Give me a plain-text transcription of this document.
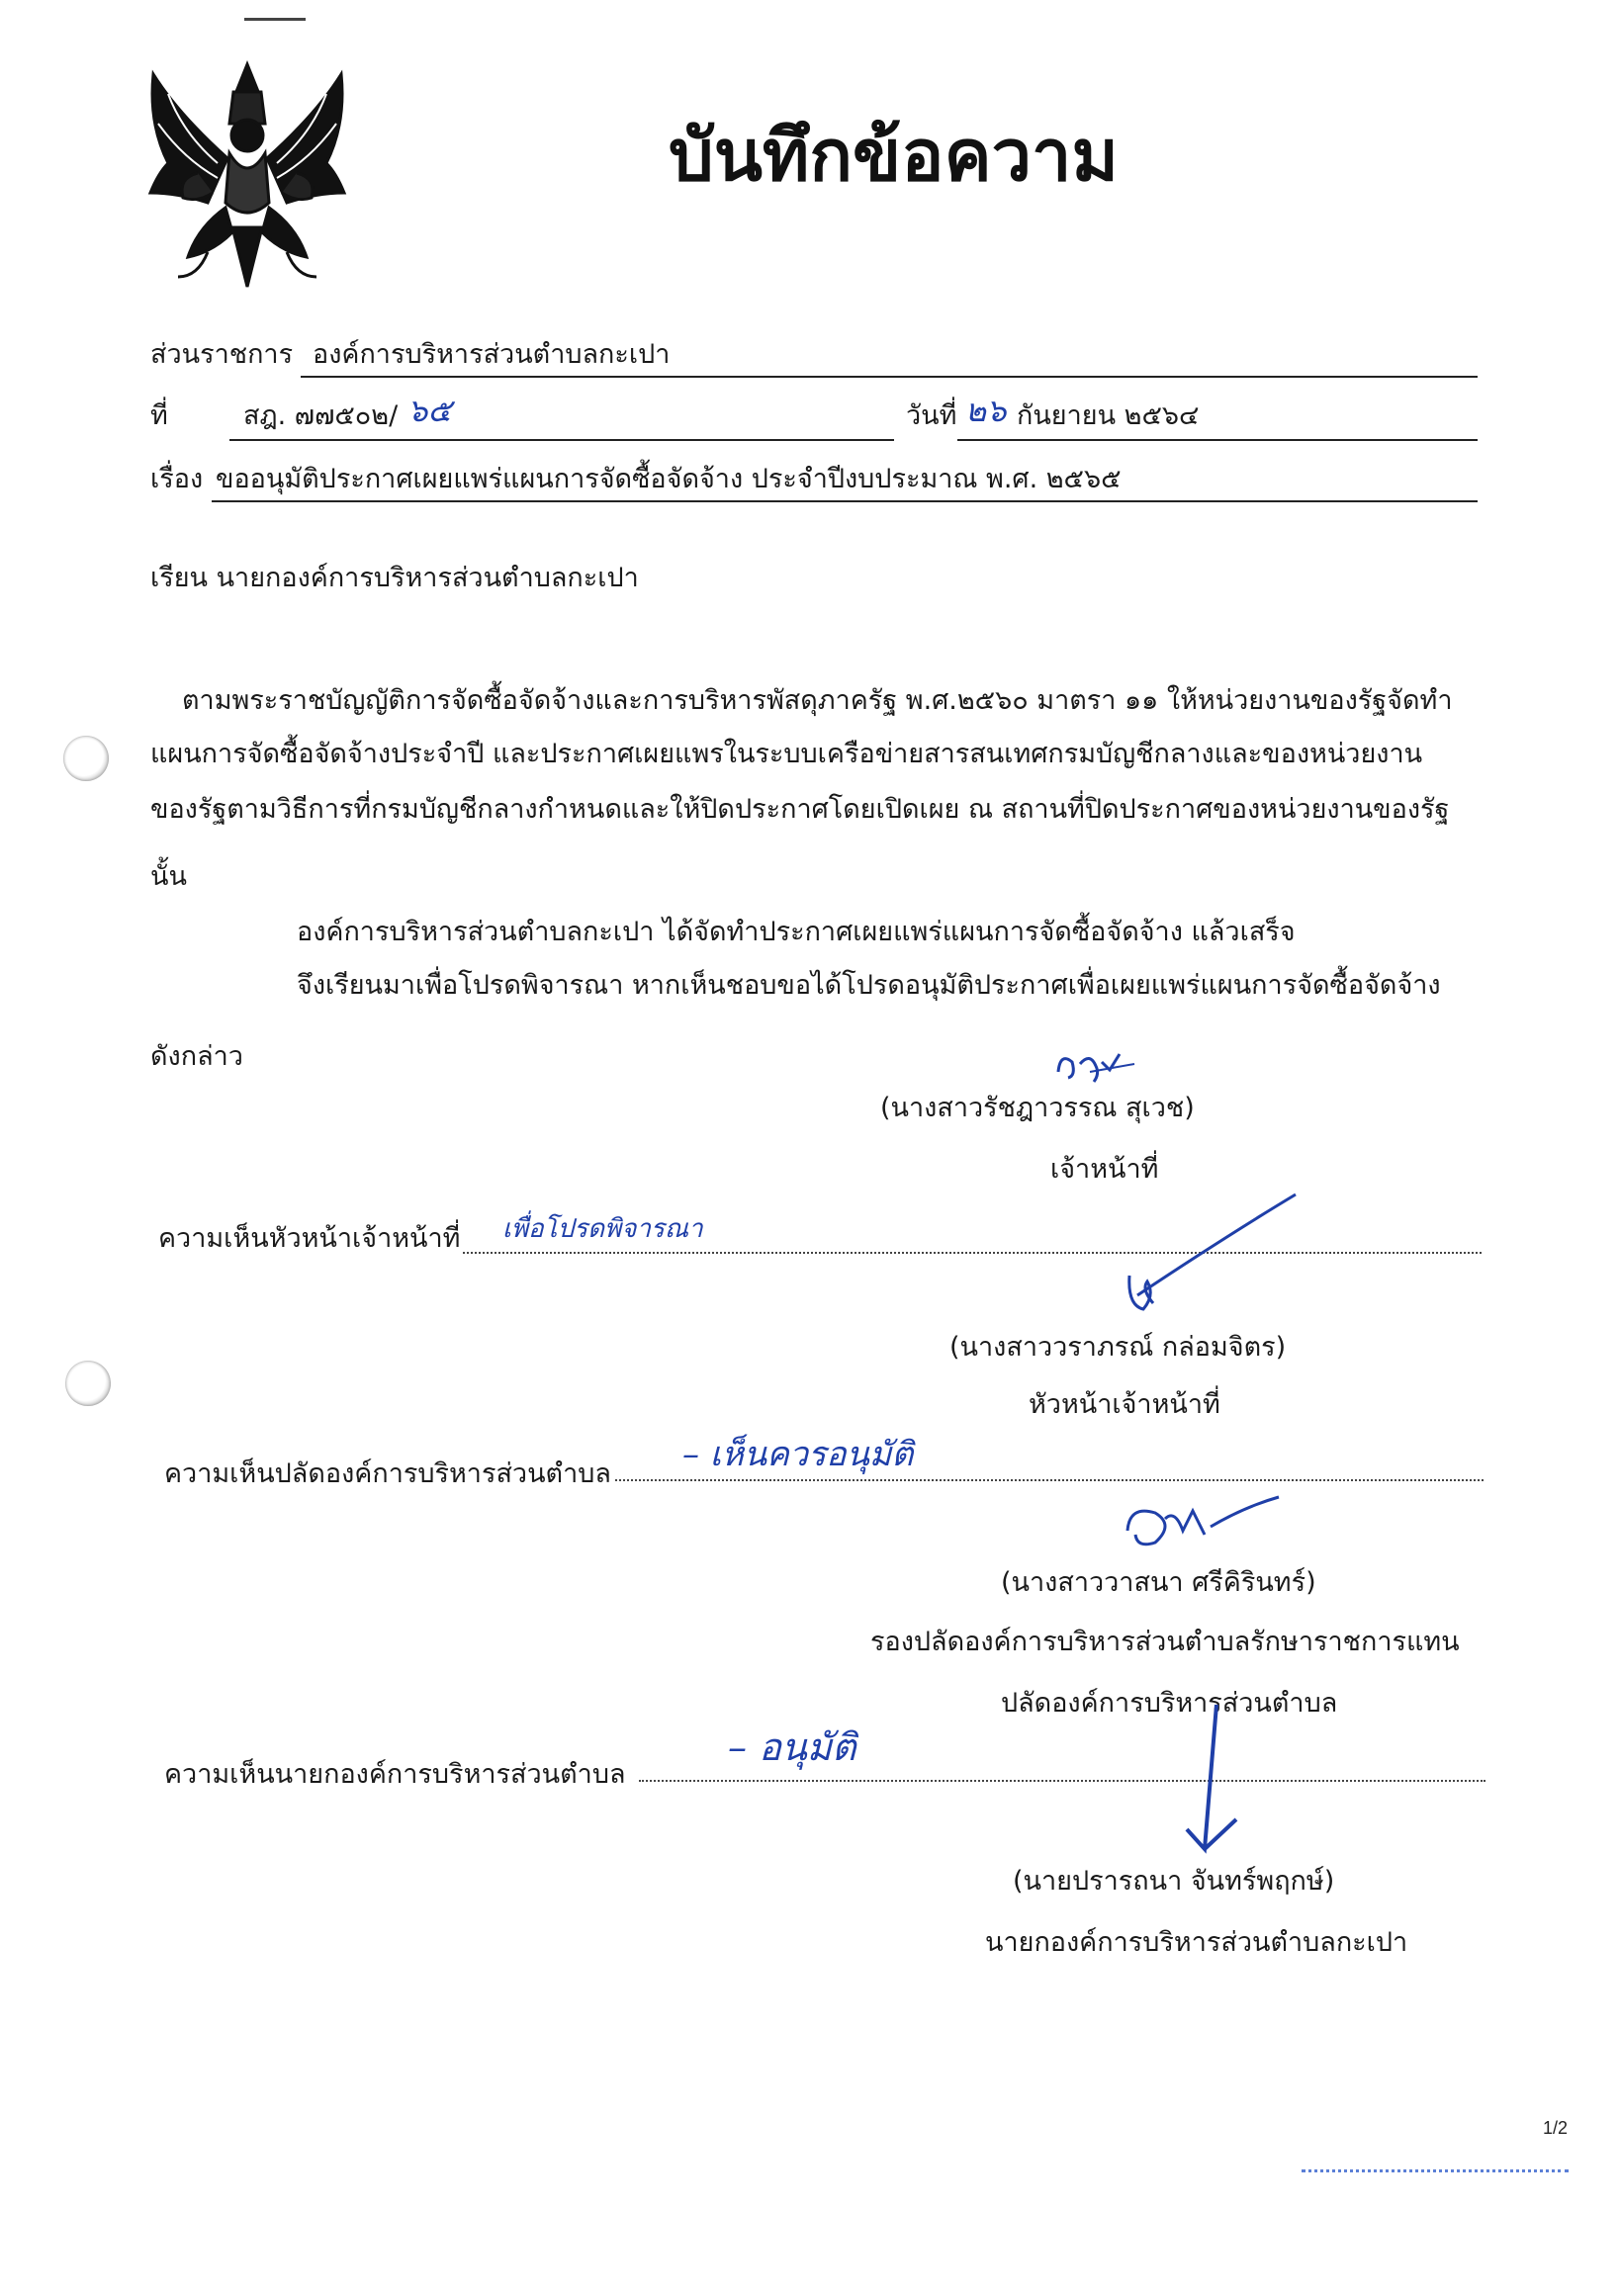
บันทึกข้อความ
ส่วนราชการ องค์การบริหารส่วนตำบลกะเปา
ที่	สฎ. ๗๗๕๐๒/ ๖๕	วันที่ ๒๖ กันยายน ๒๕๖๔
เรื่อง ขออนุมัติประกาศเผยแพร่แผนการจัดซื้อจัดจ้าง ประจำปีงบประมาณ พ.ศ. ๒๕๖๕
เรียน นายกองค์การบริหารส่วนตำบลกะเปา
ตามพระราชบัญญัติการจัดซื้อจัดจ้างและการบริหารพัสดุภาครัฐ พ.ศ.๒๕๖๐ มาตรา ๑๑ ให้หน่วยงานของรัฐจัดทำ
แผนการจัดซื้อจัดจ้างประจำปี และประกาศเผยแพรในระบบเครือข่ายสารสนเทศกรมบัญชีกลางและของหน่วยงาน
ของรัฐตามวิธีการที่กรมบัญชีกลางกำหนดและให้ปิดประกาศโดยเปิดเผย ณ สถานที่ปิดประกาศของหน่วยงานของรัฐ
นั้น
องค์การบริหารส่วนตำบลกะเปา ได้จัดทำประกาศเผยแพร่แผนการจัดซื้อจัดจ้าง แล้วเสร็จ
จึงเรียนมาเพื่อโปรดพิจารณา หากเห็นชอบขอได้โปรดอนุมัติประกาศเพื่อเผยแพร่แผนการจัดซื้อจัดจ้าง
ดังกล่าว
(นางสาวรัชฎาวรรณ สุเวช)
เจ้าหน้าที่
ความเห็นหัวหน้าเจ้าหน้าที่ เพื่อโปรดพิจารณา
(นางสาววราภรณ์ กล่อมจิตร)
หัวหน้าเจ้าหน้าที่
ความเห็นปลัดองค์การบริหารส่วนตำบล – เห็นควรอนุมัติ
(นางสาววาสนา ศรีคิรินทร์)
รองปลัดองค์การบริหารส่วนตำบลรักษาราชการแทน
ปลัดองค์การบริหารส่วนตำบล
ความเห็นนายกองค์การบริหารส่วนตำบล
– อนุมัติ
(นายปรารถนา จันทร์พฤกษ์)
นายกองค์การบริหารส่วนตำบลกะเปา
1/2
